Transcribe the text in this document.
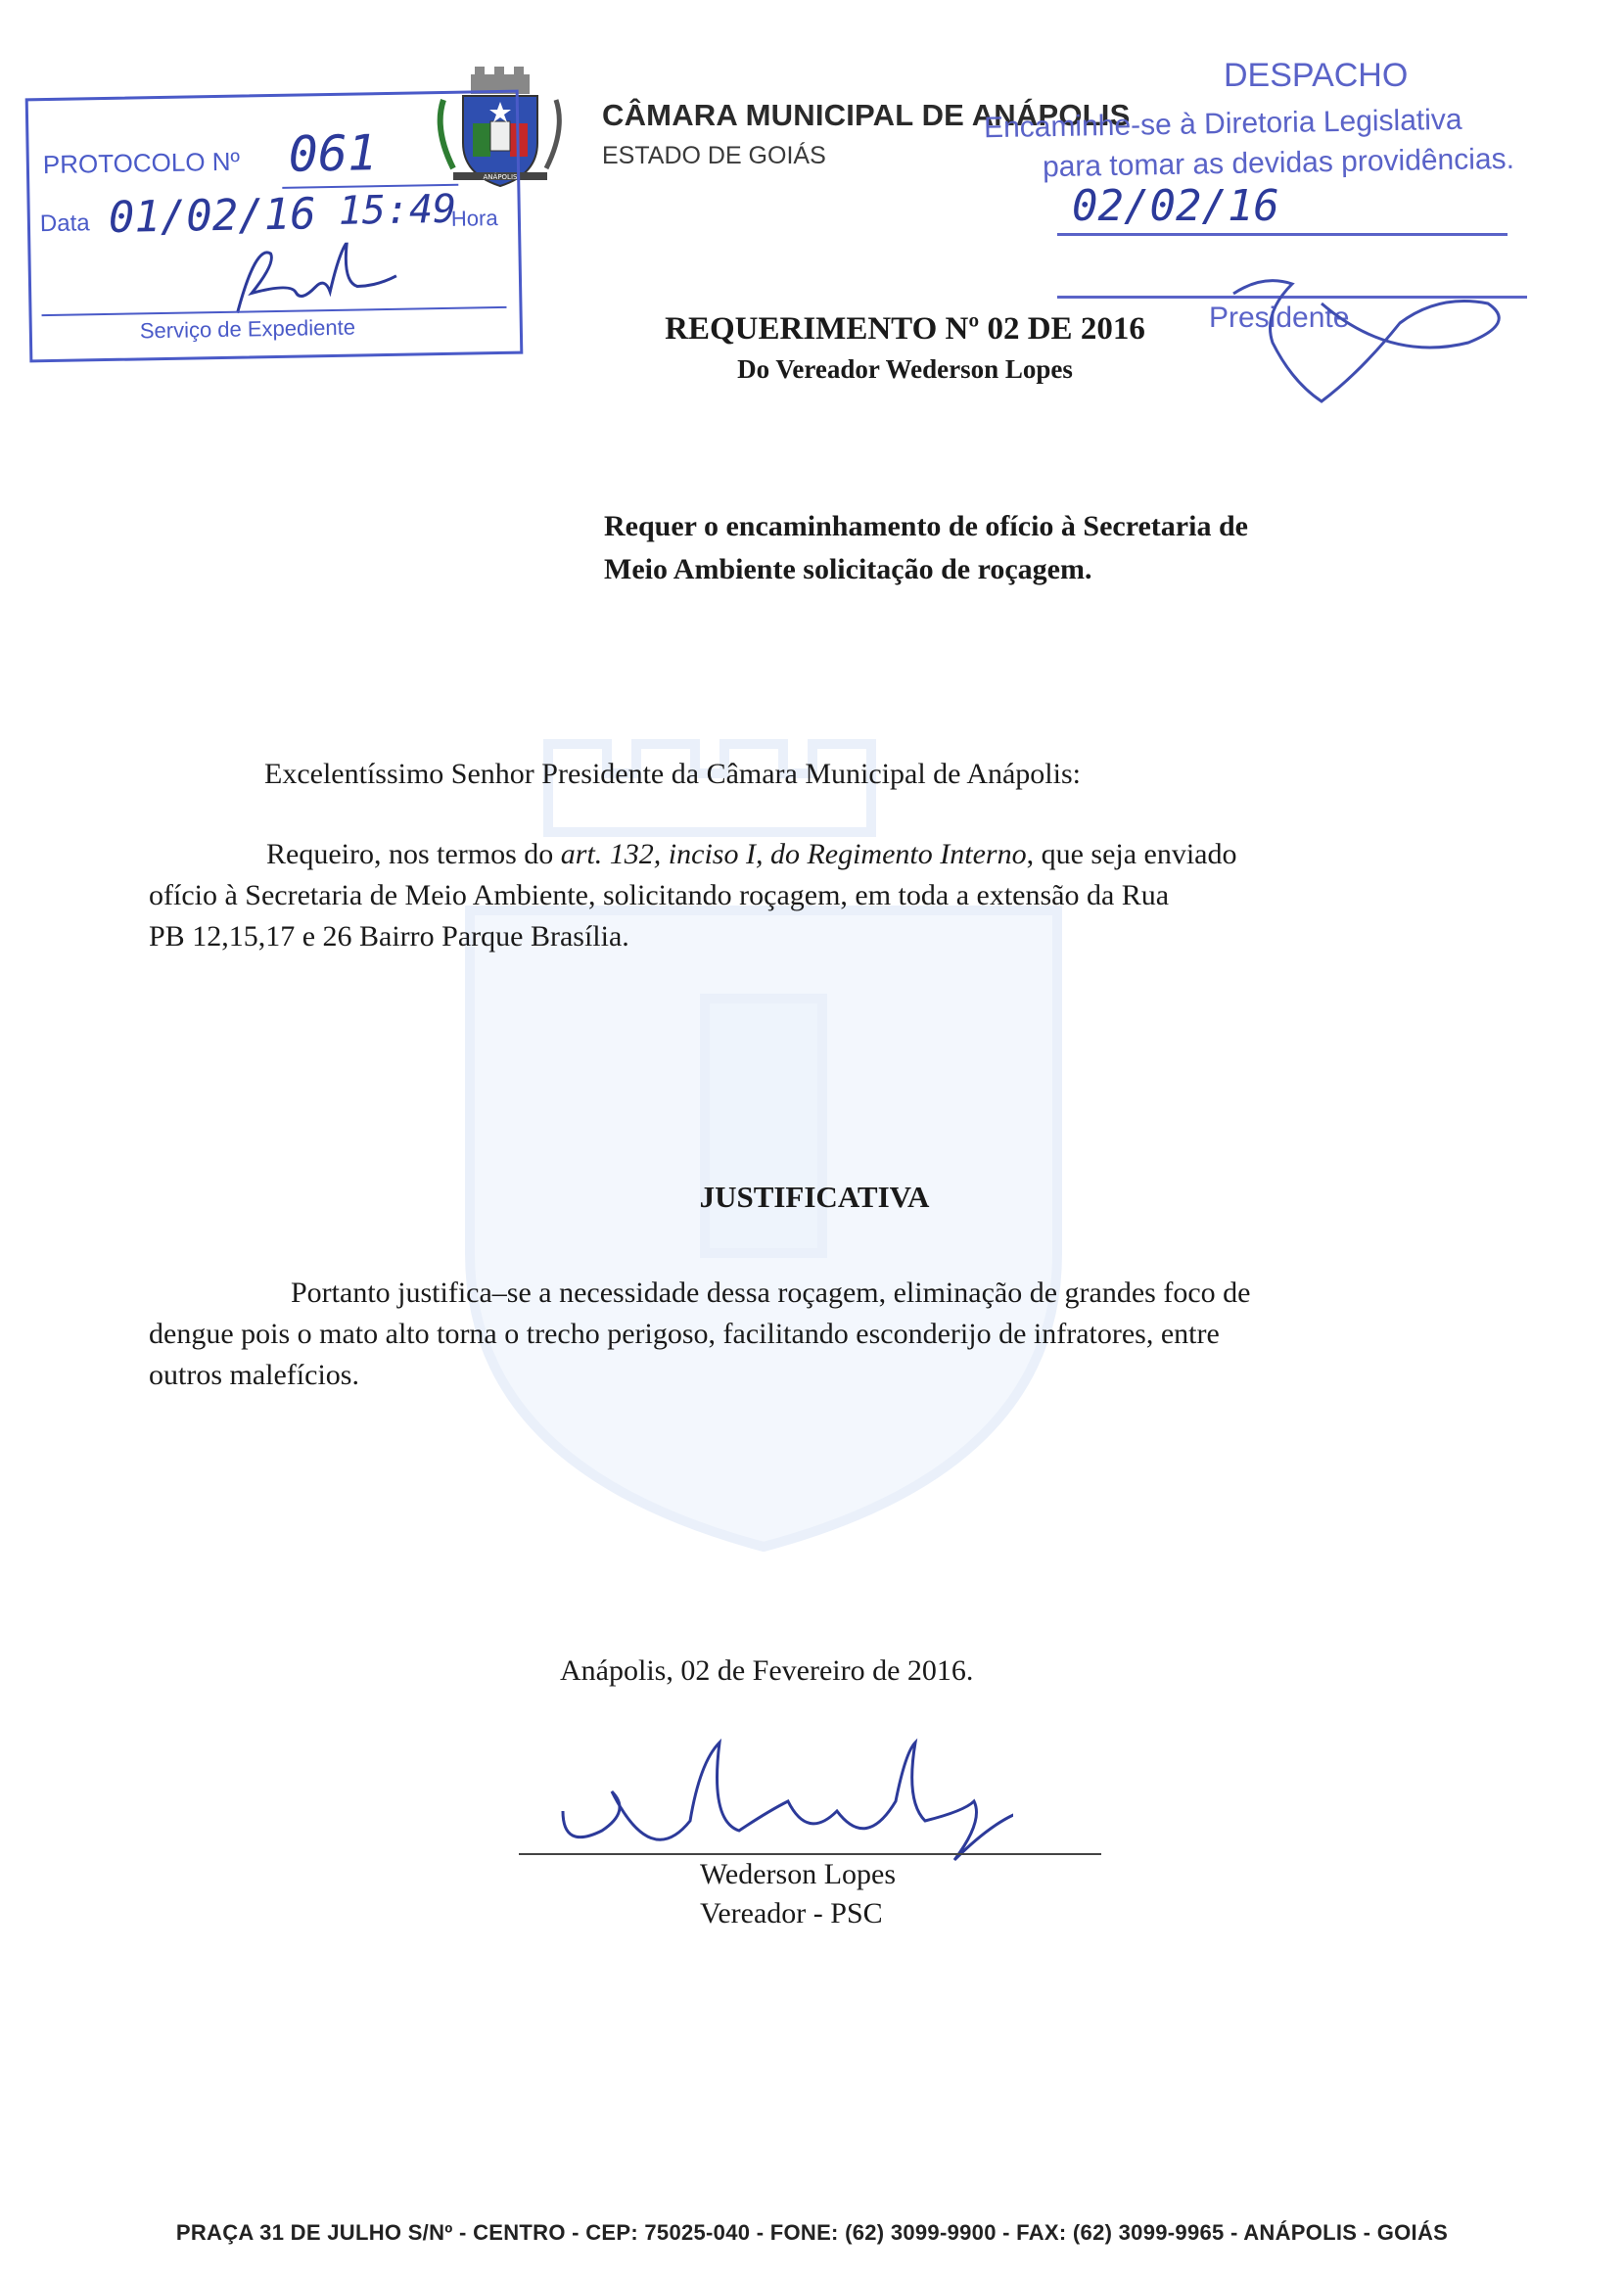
ANÁPOLIS
CÂMARA MUNICIPAL DE ANÁPOLIS
ESTADO DE GOIÁS
PROTOCOLO Nº 061
Data 01/02/16 15:49
Hora
Serviço de Expediente
DESPACHO
Encaminhe-se à Diretoria Legislativa
para tomar as devidas providências.
02/02/16
Presidente
REQUERIMENTO Nº 02 DE 2016
Do Vereador Wederson Lopes
Requer o encaminhamento de ofício à Secretaria de
Meio Ambiente solicitação de roçagem.
Excelentíssimo Senhor Presidente da Câmara Municipal de Anápolis:
Requeiro, nos termos do art. 132, inciso I, do Regimento Interno, que seja enviado
ofício à Secretaria de Meio Ambiente, solicitando roçagem, em toda a extensão da Rua
PB 12,15,17 e 26 Bairro Parque Brasília.
JUSTIFICATIVA
Portanto justifica–se a necessidade dessa roçagem, eliminação de grandes foco de
dengue pois o mato alto torna o trecho perigoso, facilitando esconderijo de infratores, entre
outros malefícios.
Anápolis, 02 de Fevereiro de 2016.
Wederson Lopes
Vereador - PSC
PRAÇA 31 DE JULHO S/Nº - CENTRO - CEP: 75025-040 - FONE: (62) 3099-9900 - FAX: (62) 3099-9965 - ANÁPOLIS - GOIÁS
